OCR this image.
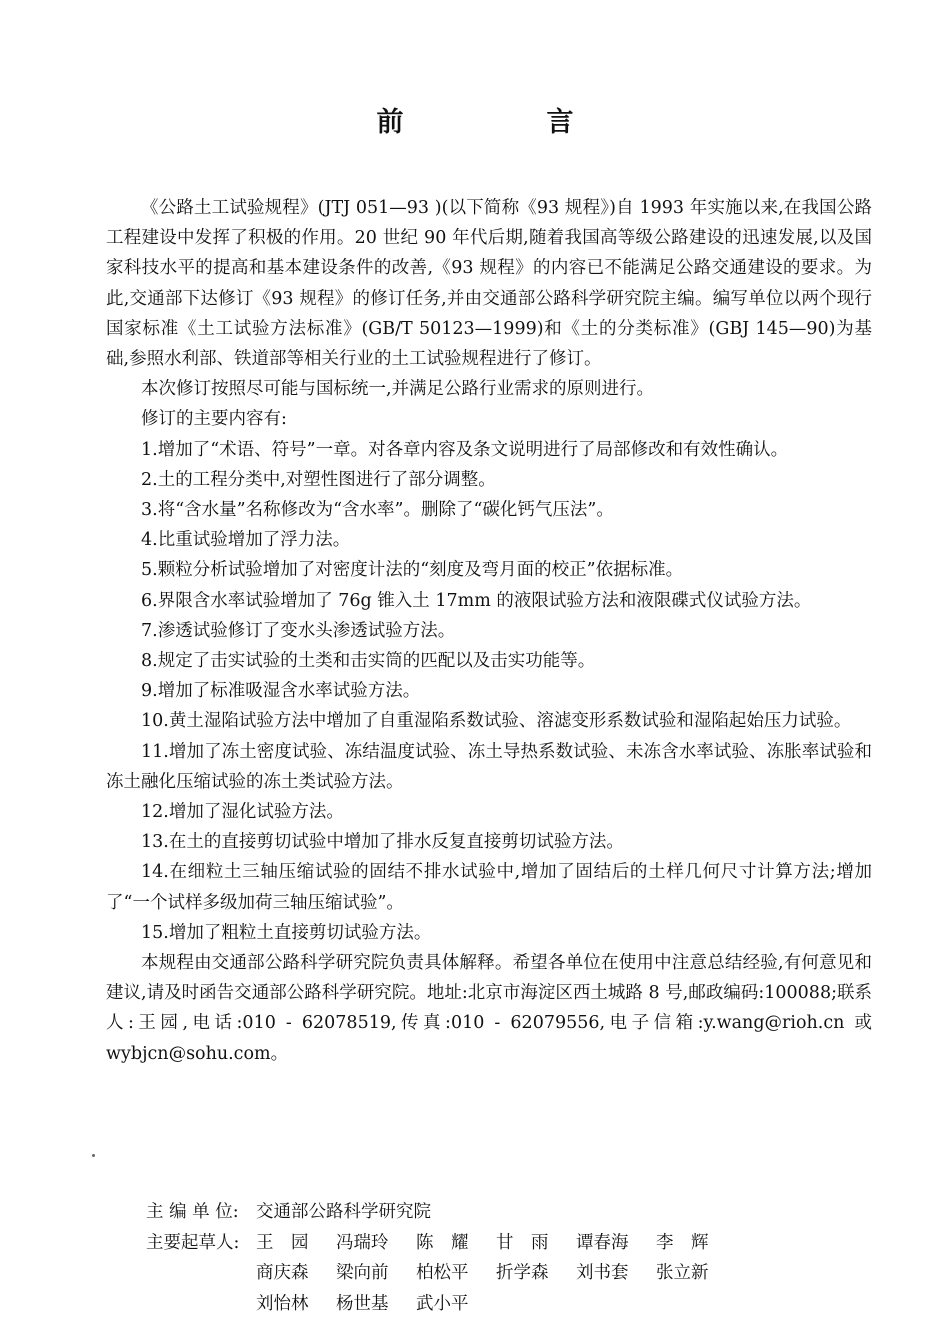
前　言

《公路土工试验规程》(JTJ 051—93 )(以下简称《93 规程》)自 1993 年实施以来,在我国公路工程建设中发挥了积极的作用。20 世纪 90 年代后期,随着我国高等级公路建设的迅速发展,以及国家科技水平的提高和基本建设条件的改善,《93 规程》的内容已不能满足公路交通建设的要求。为此,交通部下达修订《93 规程》的修订任务,并由交通部公路科学研究院主编。编写单位以两个现行国家标准《土工试验方法标准》(GB/T 50123—1999)和《土的分类标准》(GBJ 145—90)为基础,参照水利部、铁道部等相关行业的土工试验规程进行了修订。

本次修订按照尽可能与国标统一,并满足公路行业需求的原则进行。

修订的主要内容有:

1.增加了“术语、符号”一章。对各章内容及条文说明进行了局部修改和有效性确认。

2.土的工程分类中,对塑性图进行了部分调整。

3.将“含水量”名称修改为“含水率”。删除了“碳化钙气压法”。

4.比重试验增加了浮力法。

5.颗粒分析试验增加了对密度计法的“刻度及弯月面的校正”依据标准。

6.界限含水率试验增加了 76g 锥入土 17mm 的液限试验方法和液限碟式仪试验方法。

7.渗透试验修订了变水头渗透试验方法。

8.规定了击实试验的土类和击实筒的匹配以及击实功能等。

9.增加了标准吸湿含水率试验方法。

10.黄土湿陷试验方法中增加了自重湿陷系数试验、溶滤变形系数试验和湿陷起始压力试验。

11.增加了冻土密度试验、冻结温度试验、冻土导热系数试验、未冻含水率试验、冻胀率试验和冻土融化压缩试验的冻土类试验方法。

12.增加了湿化试验方法。

13.在土的直接剪切试验中增加了排水反复直接剪切试验方法。

14.在细粒土三轴压缩试验的固结不排水试验中,增加了固结后的土样几何尺寸计算方法;增加了“一个试样多级加荷三轴压缩试验”。

15.增加了粗粒土直接剪切试验方法。

本规程由交通部公路科学研究院负责具体解释。希望各单位在使用中注意总结经验,有何意见和建议,请及时函告交通部公路科学研究院。地址:北京市海淀区西土城路 8 号,邮政编码:100088;联系人:王园,电话:010 - 62078519,传真:010 - 62079556,电子信箱:y.wang@rioh.cn 或 wybjcn@sohu.com。

主 编 单 位: 交通部公路科学研究院
主要起草人: 王　园	冯瑞玲	陈　耀	甘　雨	谭春海	李　辉
商庆森	梁向前	柏松平	折学森	刘书套	张立新
刘怡林	杨世基	武小平
